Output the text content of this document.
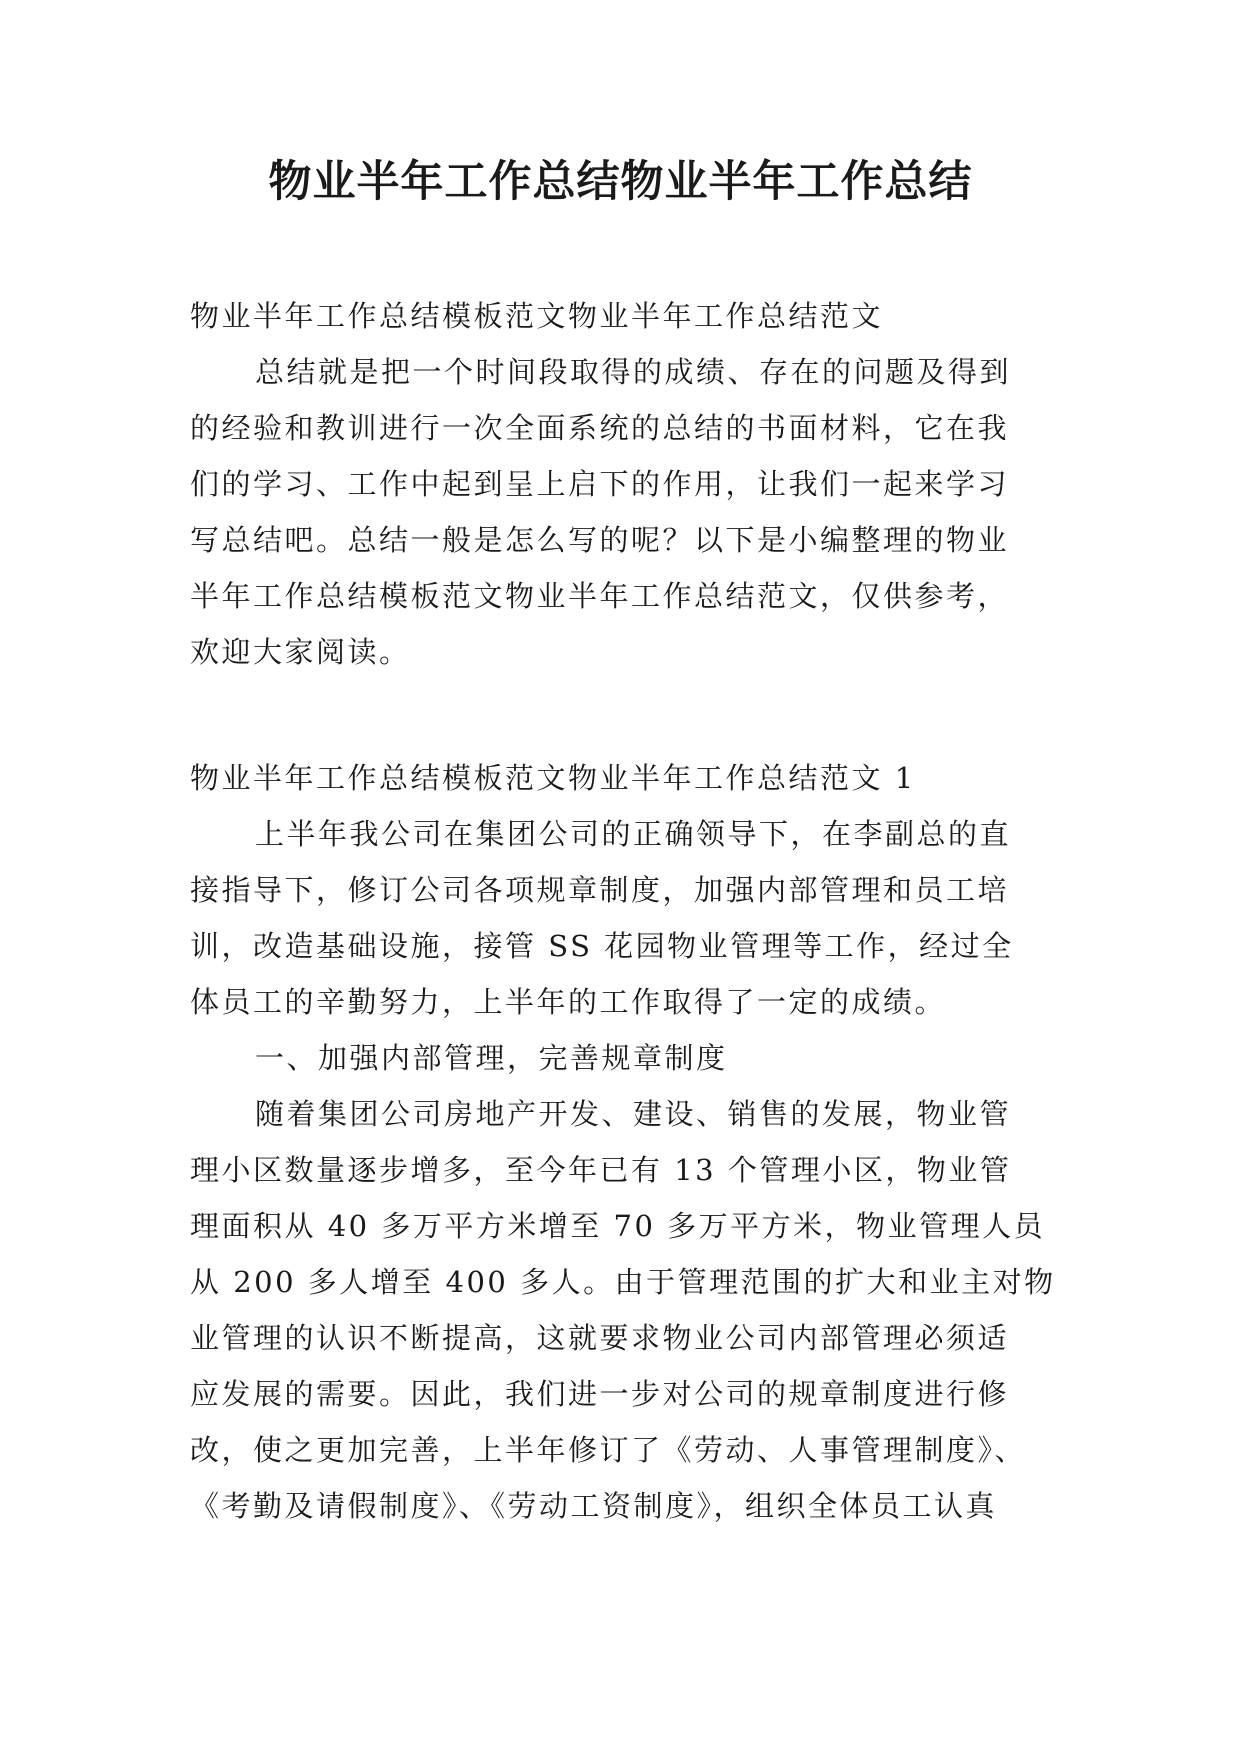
物业半年工作总结物业半年工作总结
物业半年工作总结模板范文物业半年工作总结范文
总结就是把一个时间段取得的成绩、存在的问题及得到
的经验和教训进行一次全面系统的总结的书面材料，它在我
们的学习、工作中起到呈上启下的作用，让我们一起来学习
写总结吧。总结一般是怎么写的呢？以下是小编整理的物业
半年工作总结模板范文物业半年工作总结范文，仅供参考，
欢迎大家阅读。
物业半年工作总结模板范文物业半年工作总结范文 1
上半年我公司在集团公司的正确领导下，在李副总的直
接指导下，修订公司各项规章制度，加强内部管理和员工培
训，改造基础设施，接管 SS 花园物业管理等工作，经过全
体员工的辛勤努力，上半年的工作取得了一定的成绩。
一、加强内部管理，完善规章制度
随着集团公司房地产开发、建设、销售的发展，物业管
理小区数量逐步增多，至今年已有 13 个管理小区，物业管
理面积从 40 多万平方米增至 70 多万平方米，物业管理人员
从 200 多人增至 400 多人。由于管理范围的扩大和业主对物
业管理的认识不断提高，这就要求物业公司内部管理必须适
应发展的需要。因此，我们进一步对公司的规章制度进行修
改，使之更加完善，上半年修订了《劳动、人事管理制度》、
《考勤及请假制度》、《劳动工资制度》，组织全体员工认真
